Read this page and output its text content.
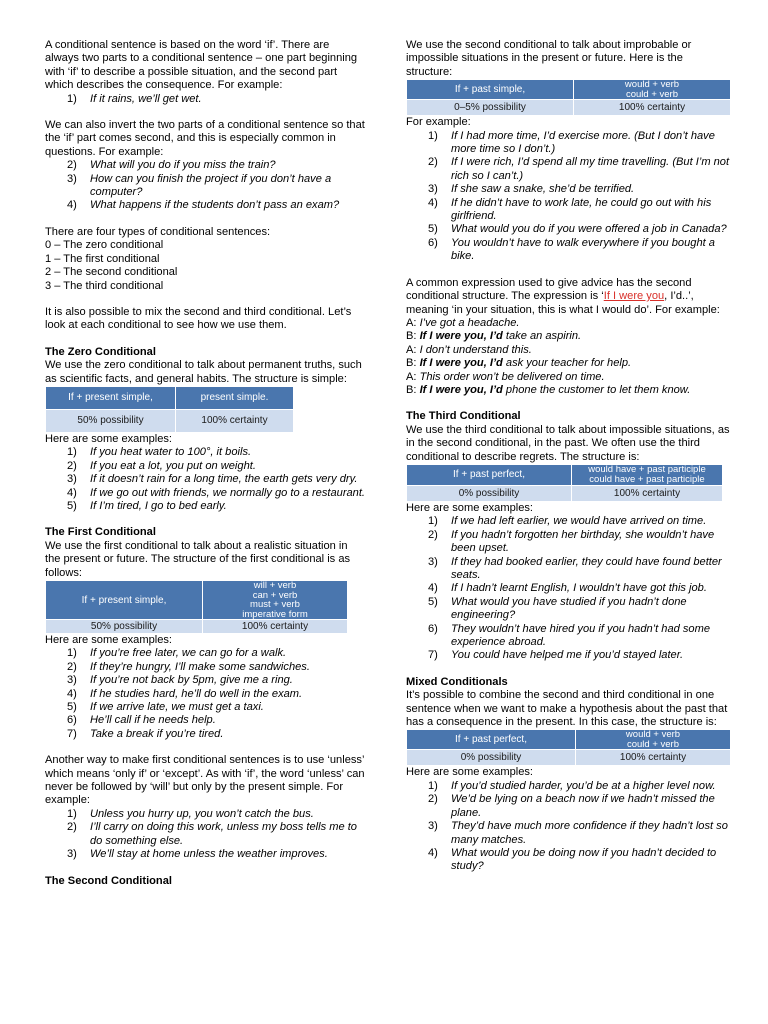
A conditional sentence is based on the word ‘if’. There are always two parts to a conditional sentence – one part beginning with ‘if’ to describe a possible situation, and the second part which describes the consequence. For example:

1) If it rains, we’ll get wet.

We can also invert the two parts of a conditional sentence so that the ‘if’ part comes second, and this is especially common in questions. For example:

2) What will you do if you miss the train?
3) How can you finish the project if you don’t have a computer?
4) What happens if the students don’t pass an exam?

There are four types of conditional sentences:

0 – The zero conditional

1 – The first conditional

2 – The second conditional

3 – The third conditional

It is also possible to mix the second and third conditional. Let’s look at each conditional to see how we use them.

The Zero Conditional

We use the zero conditional to talk about permanent truths, such as scientific facts, and general habits. The structure is simple:

If + present simple,	present simple.
50% possibility	100% certainty

Here are some examples:

1) If you heat water to 100°, it boils.
2) If you eat a lot, you put on weight.
3) If it doesn’t rain for a long time, the earth gets very dry.
4) If we go out with friends, we normally go to a restaurant.
5) If I’m tired, I go to bed early.

The First Conditional

We use the first conditional to talk about a realistic situation in the present or future. The structure of the first conditional is as follows:

If + present simple,	will + verb
can + verb
must + verb
imperative form

50% possibility	100% certainty

Here are some examples:

1) If you’re free later, we can go for a walk.
2) If they’re hungry, I’ll make some sandwiches.
3) If you’re not back by 5pm, give me a ring.
4) If he studies hard, he’ll do well in the exam.
5) If we arrive late, we must get a taxi.
6) He’ll call if he needs help.
7) Take a break if you’re tired.

Another way to make first conditional sentences is to use ‘unless’ which means ‘only if’ or ‘except’. As with ‘if’, the word ‘unless’ can never be followed by ‘will’ but only by the present simple. For example:

1) Unless you hurry up, you won’t catch the bus.
2) I’ll carry on doing this work, unless my boss tells me to do something else.
3) We’ll stay at home unless the weather improves.

The Second Conditional

We use the second conditional to talk about improbable or impossible situations in the present or future. Here is the structure:

If + past simple,	would + verb
could + verb

0–5% possibility	100% certainty

For example:

1) If I had more time, I’d exercise more. (But I don’t have more time so I don’t.)
2) If I were rich, I’d spend all my time travelling. (But I’m not rich so I can’t.)
3) If she saw a snake, she’d be terrified.
4) If he didn’t have to work late, he could go out with his girlfriend.
5) What would you do if you were offered a job in Canada?
6) You wouldn’t have to walk everywhere if you bought a bike.

A common expression used to give advice has the second conditional structure. The expression is ‘If I were you, I’d..’, meaning ‘in your situation, this is what I would do’. For example:

A: I’ve got a headache.

B: If I were you, I’d take an aspirin.

A: I don’t understand this.

B: If I were you, I’d ask your teacher for help.

A: This order won’t be delivered on time.

B: If I were you, I’d phone the customer to let them know.

The Third Conditional

We use the third conditional to talk about impossible situations, as in the second conditional, in the past. We often use the third conditional to describe regrets. The structure is:

If + past perfect,	would have + past participle
could have + past participle

0% possibility	100% certainty

Here are some examples:

1) If we had left earlier, we would have arrived on time.
2) If you hadn’t forgotten her birthday, she wouldn’t have been upset.
3) If they had booked earlier, they could have found better seats.
4) If I hadn’t learnt English, I wouldn’t have got this job.
5) What would you have studied if you hadn’t done engineering?
6) They wouldn’t have hired you if you hadn’t had some experience abroad.
7) You could have helped me if you’d stayed later.

Mixed Conditionals

It’s possible to combine the second and third conditional in one sentence when we want to make a hypothesis about the past that has a consequence in the present. In this case, the structure is:

If + past perfect,	would + verb
could + verb

0% possibility	100% certainty

Here are some examples:

1) If you’d studied harder, you’d be at a higher level now.
2) We’d be lying on a beach now if we hadn’t missed the plane.
3) They’d have much more confidence if they hadn’t lost so many matches.
4) What would you be doing now if you hadn’t decided to study?
